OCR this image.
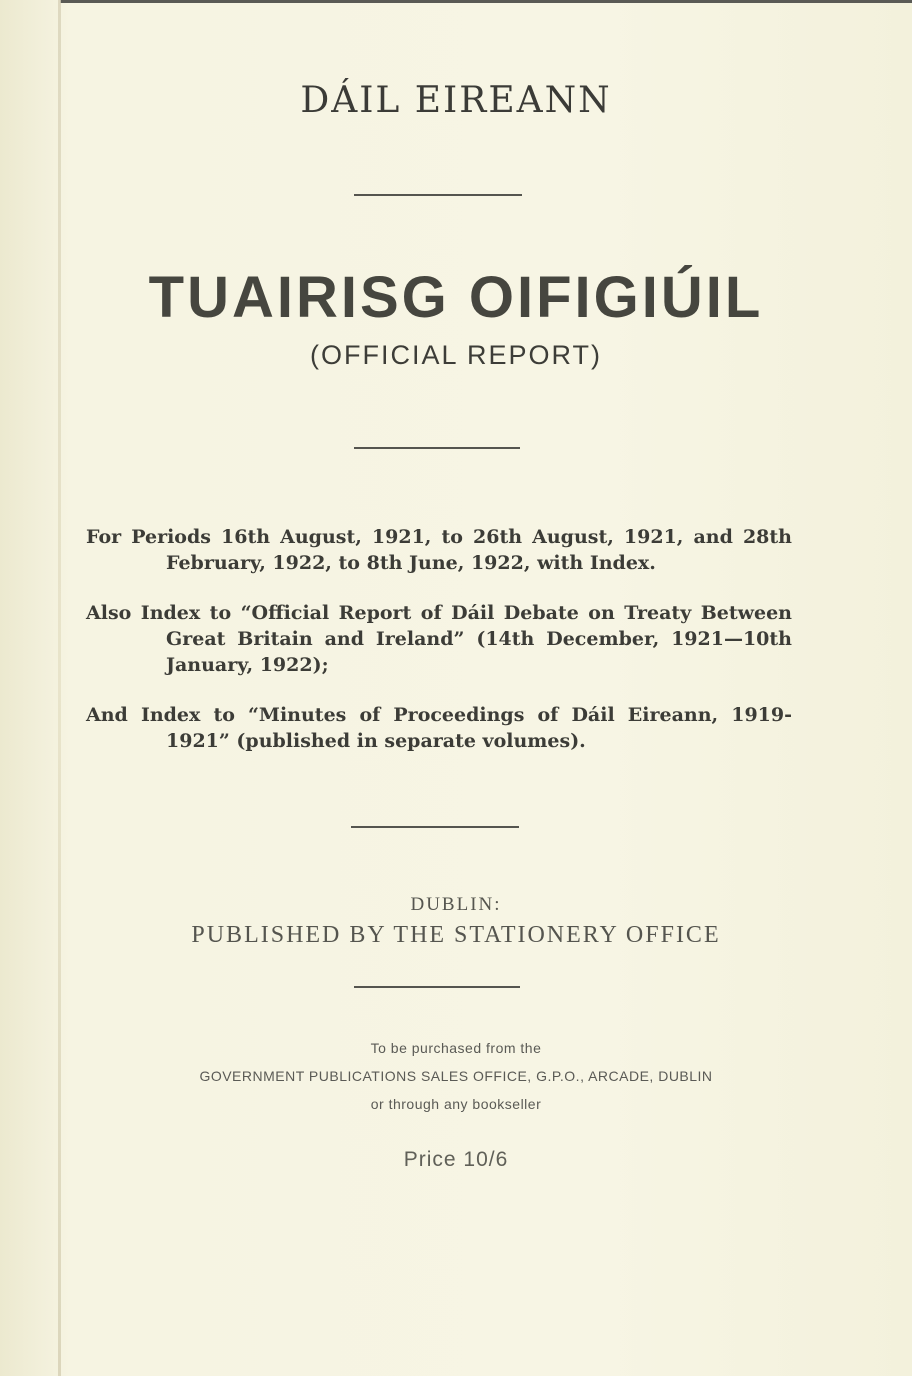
DÁIL EIREANN
TUAIRISG OIFIGIÚIL
(OFFICIAL REPORT)
For Periods 16th August, 1921, to 26th August, 1921, and 28th February, 1922, to 8th June, 1922, with Index.
Also Index to “Official Report of Dáil Debate on Treaty Between Great Britain and Ireland” (14th December, 1921—10th January, 1922);
And Index to “Minutes of Proceedings of Dáil Eireann, 1919-1921” (published in separate volumes).
DUBLIN:
PUBLISHED BY THE STATIONERY OFFICE
To be purchased from the
GOVERNMENT PUBLICATIONS SALES OFFICE, G.P.O., ARCADE, DUBLIN
or through any bookseller
Price 10/6
